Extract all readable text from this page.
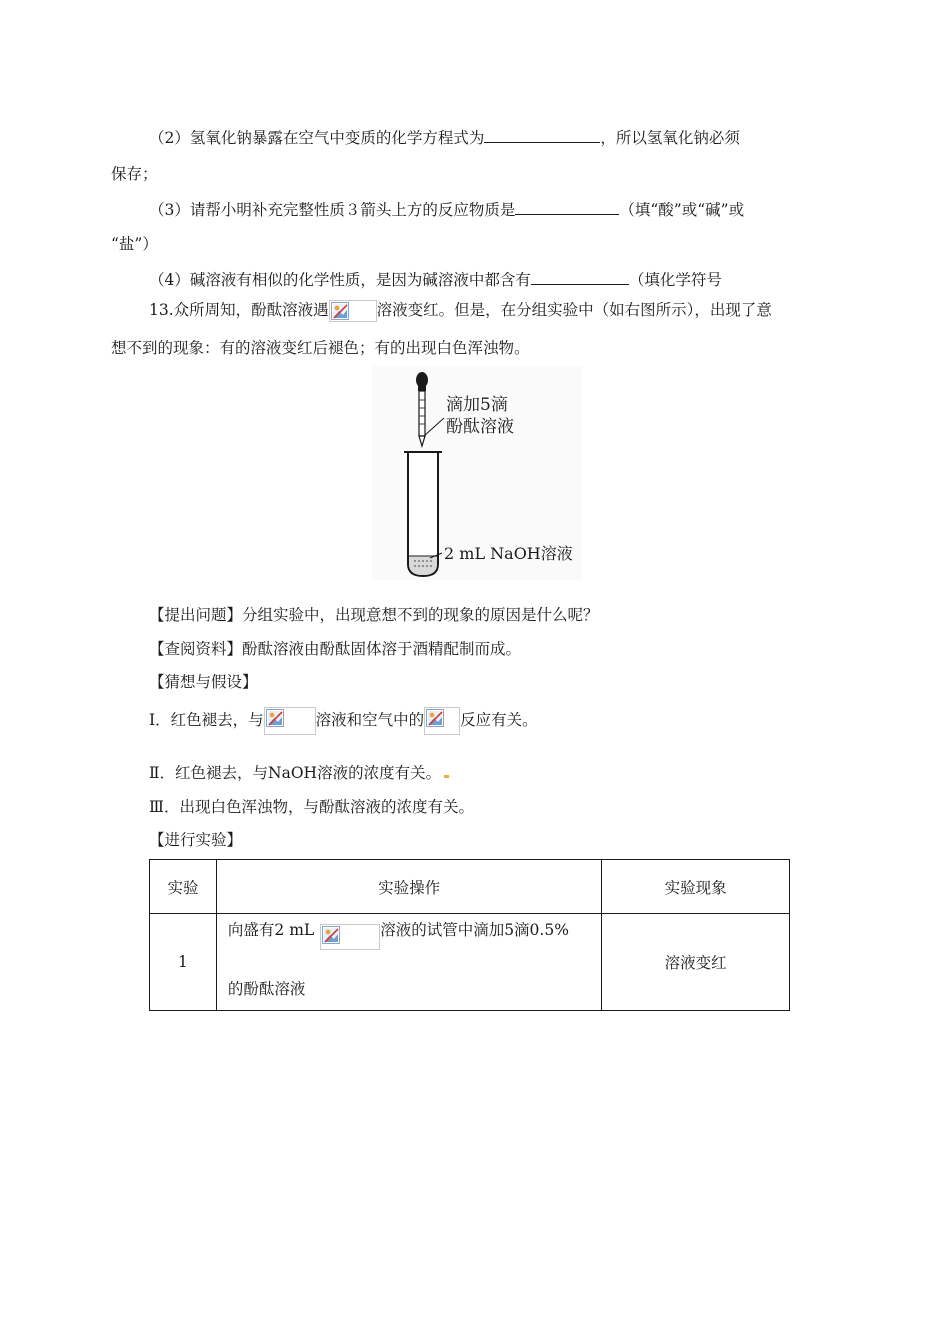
（2）氢氧化钠暴露在空气中变质的化学方程式为	，所以氢氧化钠必须
保存；
（3）请帮小明补充完整性质３箭头上方的反应物质是	（填“酸”或“碱”或
“盐”）
（4）碱溶液有相似的化学性质，是因为碱溶液中都含有	（填化学符号
13.众所周知，酚酞溶液遇	溶液变红。但是，在分组实验中（如右图所示），出现了意
想不到的现象：有的溶液变红后褪色；有的出现白色浑浊物。
滴加5滴
酚酞溶液
2 mL NaOH溶液
【提出问题】分组实验中，出现意想不到的现象的原因是什么呢？
【查阅资料】酚酞溶液由酚酞固体溶于酒精配制而成。
【猜想与假设】
Ⅰ．红色褪去，与	溶液和空气中的 反应有关。
Ⅱ．红色褪去，与NaOH溶液的浓度有关。
Ⅲ．出现白色浑浊物，与酚酞溶液的浓度有关。
【进行实验】
实验	实验操作	实验现象
1	向盛有2 mL 溶液的试管中滴加5滴0.5%
的酚酞溶液	溶液变红
